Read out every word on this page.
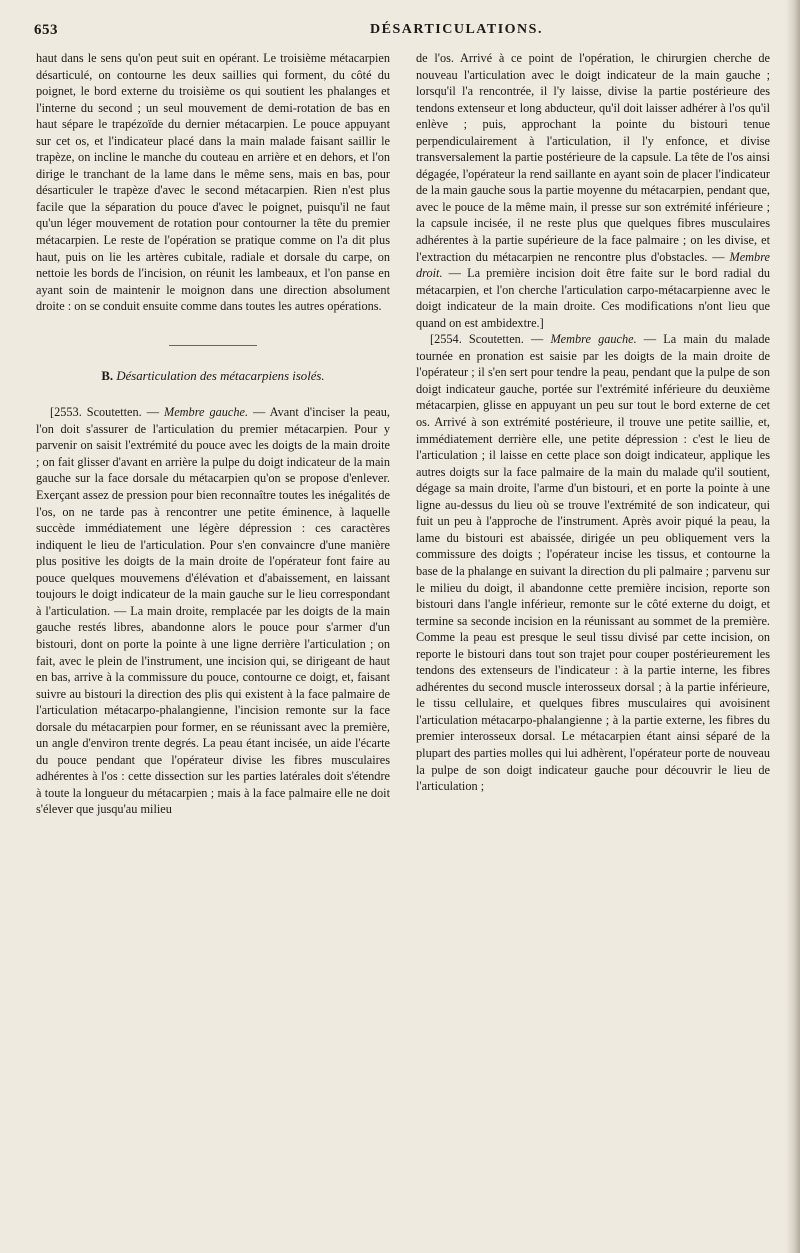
653	DÉSARTICULATIONS.

haut dans le sens qu'on peut suit en opérant. Le troisième métacarpien désarticulé, on contourne les deux saillies qui forment, du côté du poignet, le bord externe du troisième os qui soutient les phalanges et l'interne du second ; un seul mouvement de demi-rotation de bas en haut sépare le trapézoïde du dernier métacarpien. Le pouce appuyant sur cet os, et l'indicateur placé dans la main malade faisant saillir le trapèze, on incline le manche du couteau en arrière et en dehors, et l'on dirige le tranchant de la lame dans le même sens, mais en bas, pour désarticuler le trapèze d'avec le second métacarpien. Rien n'est plus facile que la séparation du pouce d'avec le poignet, puisqu'il ne faut qu'un léger mouvement de rotation pour contourner la tête du premier métacarpien. Le reste de l'opération se pratique comme on l'a dit plus haut, puis on lie les artères cubitale, radiale et dorsale du carpe, on nettoie les bords de l'incision, on réunit les lambeaux, et l'on panse en ayant soin de maintenir le moignon dans une direction absolument droite : on se conduit ensuite comme dans toutes les autres opérations.

B. Désarticulation des métacarpiens isolés.

[2553. Scoutetten. — Membre gauche. — Avant d'inciser la peau, l'on doit s'assurer de l'articulation du premier métacarpien. Pour y parvenir on saisit l'extrémité du pouce avec les doigts de la main droite ; on fait glisser d'avant en arrière la pulpe du doigt indicateur de la main gauche sur la face dorsale du métacarpien qu'on se propose d'enlever. Exerçant assez de pression pour bien reconnaître toutes les inégalités de l'os, on ne tarde pas à rencontrer une petite éminence, à laquelle succède immédiatement une légère dépression : ces caractères indiquent le lieu de l'articulation. Pour s'en convaincre d'une manière plus positive les doigts de la main droite de l'opérateur font faire au pouce quelques mouvemens d'élévation et d'abaissement, en laissant toujours le doigt indicateur de la main gauche sur le lieu correspondant à l'articulation. — La main droite, remplacée par les doigts de la main gauche restés libres, abandonne alors le pouce pour s'armer d'un bistouri, dont on porte la pointe à une ligne derrière l'articulation ; on fait, avec le plein de l'instrument, une incision qui, se dirigeant de haut en bas, arrive à la commissure du pouce, contourne ce doigt, et, faisant suivre au bistouri la direction des plis qui existent à la face palmaire de l'articulation métacarpo-phalangienne, l'incision remonte sur la face dorsale du métacarpien pour former, en se réunissant avec la première, un angle d'environ trente degrés. La peau étant incisée, un aide l'écarte du pouce pendant que l'opérateur divise les fibres musculaires adhérentes à l'os : cette dissection sur les parties latérales doit s'étendre à toute la longueur du métacarpien ; mais à la face palmaire elle ne doit s'élever que jusqu'au milieu

de l'os. Arrivé à ce point de l'opération, le chirurgien cherche de nouveau l'articulation avec le doigt indicateur de la main gauche ; lorsqu'il l'a rencontrée, il l'y laisse, divise la partie postérieure des tendons extenseur et long abducteur, qu'il doit laisser adhérer à l'os qu'il enlève ; puis, approchant la pointe du bistouri tenue perpendiculairement à l'articulation, il l'y enfonce, et divise transversalement la partie postérieure de la capsule. La tête de l'os ainsi dégagée, l'opérateur la rend saillante en ayant soin de placer l'indicateur de la main gauche sous la partie moyenne du métacarpien, pendant que, avec le pouce de la même main, il presse sur son extrémité inférieure ; la capsule incisée, il ne reste plus que quelques fibres musculaires adhérentes à la partie supérieure de la face palmaire ; on les divise, et l'extraction du métacarpien ne rencontre plus d'obstacles. — Membre droit. — La première incision doit être faite sur le bord radial du métacarpien, et l'on cherche l'articulation carpo-métacarpienne avec le doigt indicateur de la main droite. Ces modifications n'ont lieu que quand on est ambidextre.]

[2554. Scoutetten. — Membre gauche. — La main du malade tournée en pronation est saisie par les doigts de la main droite de l'opérateur ; il s'en sert pour tendre la peau, pendant que la pulpe de son doigt indicateur gauche, portée sur l'extrémité inférieure du deuxième métacarpien, glisse en appuyant un peu sur tout le bord externe de cet os. Arrivé à son extrémité postérieure, il trouve une petite saillie, et, immédiatement derrière elle, une petite dépression : c'est le lieu de l'articulation ; il laisse en cette place son doigt indicateur, applique les autres doigts sur la face palmaire de la main du malade qu'il soutient, dégage sa main droite, l'arme d'un bistouri, et en porte la pointe à une ligne au-dessus du lieu où se trouve l'extrémité de son indicateur, qui fuit un peu à l'approche de l'instrument. Après avoir piqué la peau, la lame du bistouri est abaissée, dirigée un peu obliquement vers la commissure des doigts ; l'opérateur incise les tissus, et contourne la base de la phalange en suivant la direction du pli palmaire ; parvenu sur le milieu du doigt, il abandonne cette première incision, reporte son bistouri dans l'angle inférieur, remonte sur le côté externe du doigt, et termine sa seconde incision en la réunissant au sommet de la première. Comme la peau est presque le seul tissu divisé par cette incision, on reporte le bistouri dans tout son trajet pour couper postérieurement les tendons des extenseurs de l'indicateur : à la partie interne, les fibres adhérentes du second muscle interosseux dorsal ; à la partie inférieure, le tissu cellulaire, et quelques fibres musculaires qui avoisinent l'articulation métacarpo-phalangienne ; à la partie externe, les fibres du premier interosseux dorsal. Le métacarpien étant ainsi séparé de la plupart des parties molles qui lui adhèrent, l'opérateur porte de nouveau la pulpe de son doigt indicateur gauche pour découvrir le lieu de l'articulation ;
